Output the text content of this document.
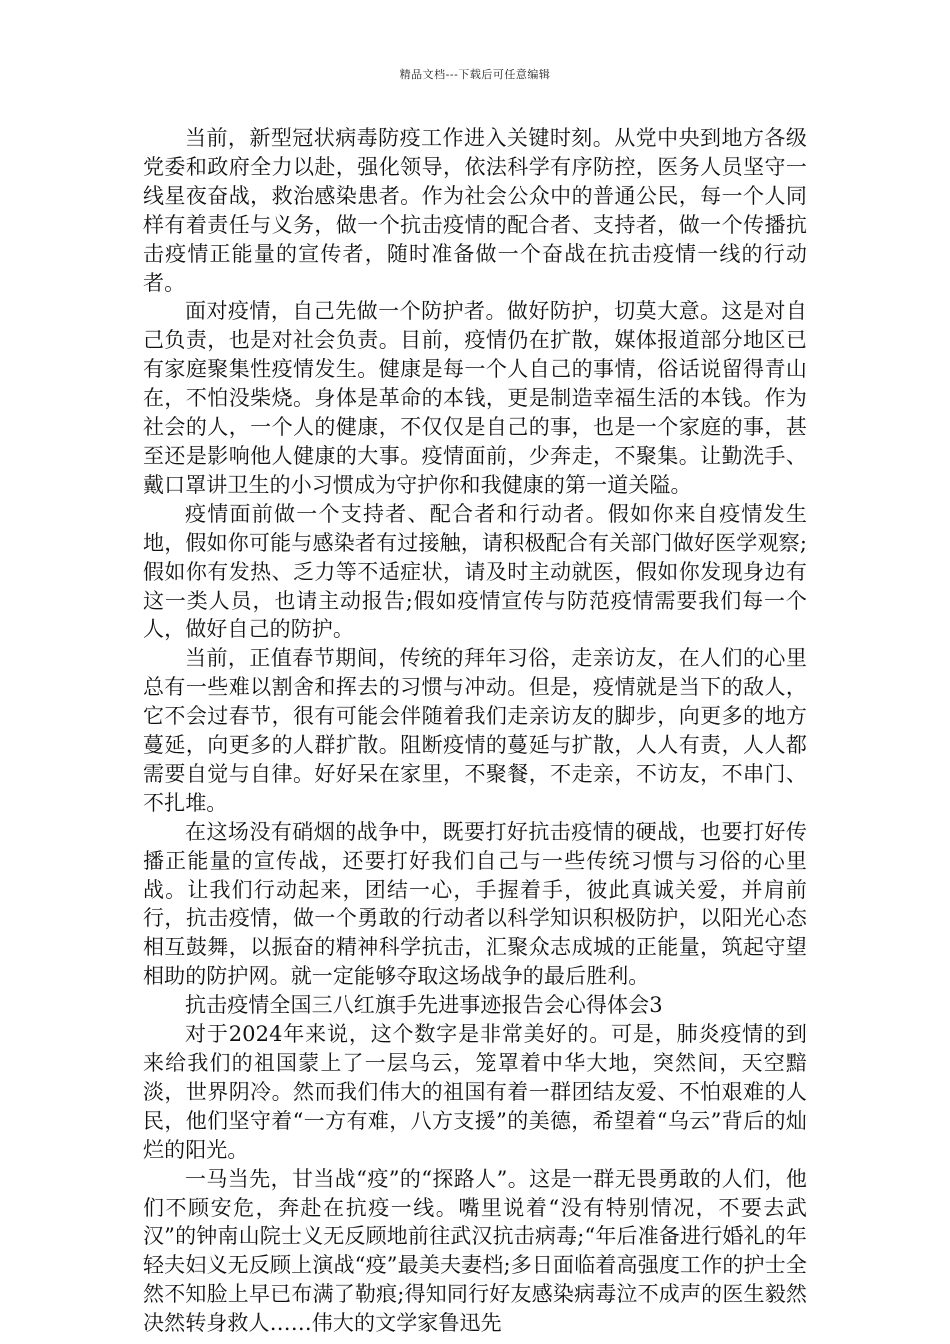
精品文档---下载后可任意编辑

当前，新型冠状病毒防疫工作进入关键时刻。从党中央到地方各级党委和政府全力以赴，强化领导，依法科学有序防控，医务人员坚守一线星夜奋战，救治感染患者。作为社会公众中的普通公民，每一个人同样有着责任与义务，做一个抗击疫情的配合者、支持者，做一个传播抗击疫情正能量的宣传者，随时准备做一个奋战在抗击疫情一线的行动者。

面对疫情，自己先做一个防护者。做好防护，切莫大意。这是对自己负责，也是对社会负责。目前，疫情仍在扩散，媒体报道部分地区已有家庭聚集性疫情发生。健康是每一个人自己的事情，俗话说留得青山在，不怕没柴烧。身体是革命的本钱，更是制造幸福生活的本钱。作为社会的人，一个人的健康，不仅仅是自己的事，也是一个家庭的事，甚至还是影响他人健康的大事。疫情面前，少奔走，不聚集。让勤洗手、戴口罩讲卫生的小习惯成为守护你和我健康的第一道关隘。

疫情面前做一个支持者、配合者和行动者。假如你来自疫情发生地，假如你可能与感染者有过接触，请积极配合有关部门做好医学观察;假如你有发热、乏力等不适症状，请及时主动就医，假如你发现身边有这一类人员，也请主动报告;假如疫情宣传与防范疫情需要我们每一个人，做好自己的防护。

当前，正值春节期间，传统的拜年习俗，走亲访友，在人们的心里总有一些难以割舍和挥去的习惯与冲动。但是，疫情就是当下的敌人，它不会过春节，很有可能会伴随着我们走亲访友的脚步，向更多的地方蔓延，向更多的人群扩散。阻断疫情的蔓延与扩散，人人有责，人人都需要自觉与自律。好好呆在家里，不聚餐，不走亲，不访友，不串门、不扎堆。

在这场没有硝烟的战争中，既要打好抗击疫情的硬战，也要打好传播正能量的宣传战，还要打好我们自己与一些传统习惯与习俗的心里战。让我们行动起来，团结一心，手握着手，彼此真诚关爱，并肩前行，抗击疫情，做一个勇敢的行动者以科学知识积极防护，以阳光心态相互鼓舞，以振奋的精神科学抗击，汇聚众志成城的正能量，筑起守望相助的防护网。就一定能够夺取这场战争的最后胜利。

抗击疫情全国三八红旗手先进事迹报告会心得体会3

对于2024年来说，这个数字是非常美好的。可是，肺炎疫情的到来给我们的祖国蒙上了一层乌云，笼罩着中华大地，突然间，天空黯淡，世界阴冷。然而我们伟大的祖国有着一群团结友爱、不怕艰难的人民，他们坚守着“一方有难，八方支援”的美德，希望着“乌云”背后的灿烂的阳光。

一马当先，甘当战“疫”的“探路人”。这是一群无畏勇敢的人们，他们不顾安危，奔赴在抗疫一线。嘴里说着“没有特别情况，不要去武汉”的钟南山院士义无反顾地前往武汉抗击病毒;“年后准备进行婚礼的年轻夫妇义无反顾上演战“疫”最美夫妻档;多日面临着高强度工作的护士全然不知脸上早已布满了勒痕;得知同行好友感染病毒泣不成声的医生毅然决然转身救人……伟大的文学家鲁迅先
